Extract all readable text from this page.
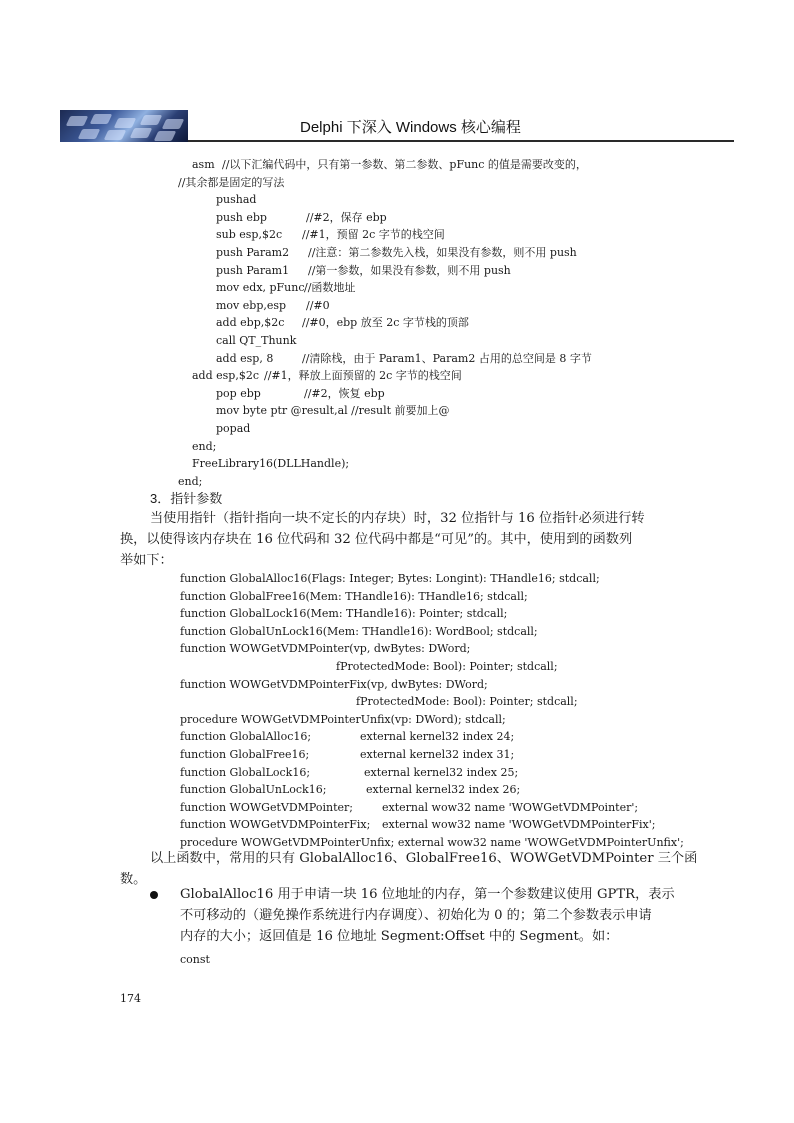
Delphi 下深入 Windows 核心编程
asm //以下汇编代码中，只有第一参数、第二参数、pFunc 的值是需要改变的，
//其余都是固定的写法
pushad
push ebp	//#2，保存 ebp
sub esp,$2c //#1，预留 2c 字节的栈空间
push Param2 //注意：第二参数先入栈，如果没有参数，则不用 push
push Param1 //第一参数，如果没有参数，则不用 push
mov edx, pFunc //函数地址
mov ebp,esp //#0
add ebp,$2c //#0，ebp 放至 2c 字节栈的顶部
call QT_Thunk
add esp, 8	//清除栈，由于 Param1、Param2 占用的总空间是 8 字节
add esp,$2c //#1，释放上面预留的 2c 字节的栈空间
pop ebp	//#2，恢复 ebp
mov byte ptr @result,al //result 前要加上@
popad
end;
FreeLibrary16(DLLHandle);
end;
3．指针参数
当使用指针（指针指向一块不定长的内存块）时，32 位指针与 16 位指针必须进行转
换，以使得该内存块在 16 位代码和 32 位代码中都是“可见”的。其中，使用到的函数列
举如下：
function GlobalAlloc16(Flags: Integer; Bytes: Longint): THandle16; stdcall;
function GlobalFree16(Mem: THandle16): THandle16; stdcall;
function GlobalLock16(Mem: THandle16): Pointer; stdcall;
function GlobalUnLock16(Mem: THandle16): WordBool; stdcall;
function WOWGetVDMPointer(vp, dwBytes: DWord;
fProtectedMode: Bool): Pointer; stdcall;
function WOWGetVDMPointerFix(vp, dwBytes: DWord;
fProtectedMode: Bool): Pointer; stdcall;
procedure WOWGetVDMPointerUnfix(vp: DWord); stdcall;
function GlobalAlloc16;	external kernel32 index 24;
function GlobalFree16;	external kernel32 index 31;
function GlobalLock16;	external kernel32 index 25;
function GlobalUnLock16;	external kernel32 index 26;
function WOWGetVDMPointer;	external wow32 name 'WOWGetVDMPointer';
function WOWGetVDMPointerFix; external wow32 name 'WOWGetVDMPointerFix';
procedure WOWGetVDMPointerUnfix; external wow32 name 'WOWGetVDMPointerUnfix';
以上函数中，常用的只有 GlobalAlloc16、GlobalFree16、WOWGetVDMPointer 三个函
数。
GlobalAlloc16 用于申请一块 16 位地址的内存，第一个参数建议使用 GPTR，表示
不可移动的（避免操作系统进行内存调度）、初始化为 0 的；第二个参数表示申请
内存的大小；返回值是 16 位地址 Segment:Offset 中的 Segment。如：
const
174
